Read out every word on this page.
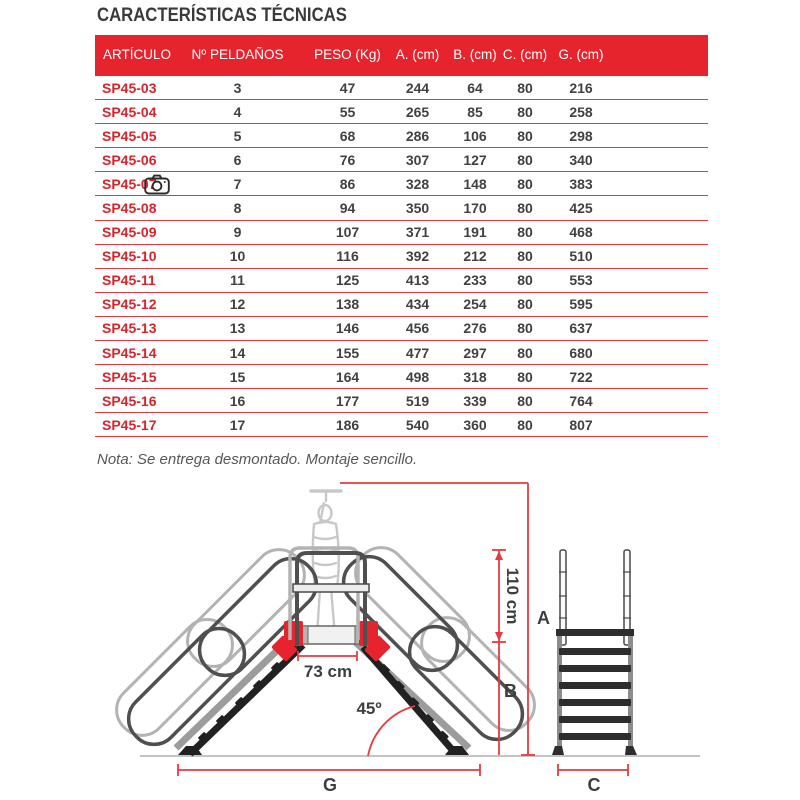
CARACTERÍSTICAS TÉCNICAS
ARTÍCULO	Nº PELDAÑOS	PESO (Kg)	A. (cm)	B. (cm)	C. (cm)	G. (cm)	
SP45-03	3	47	244	64	80	216	
SP45-04	4	55	265	85	80	258	
SP45-05	5	68	286	106	80	298	
SP45-06	6	76	307	127	80	340	
SP45-07	7	86	328	148	80	383	
SP45-08	8	94	350	170	80	425	
SP45-09	9	107	371	191	80	468	
SP45-10	10	116	392	212	80	510	
SP45-11	11	125	413	233	80	553	
SP45-12	12	138	434	254	80	595	
SP45-13	13	146	456	276	80	637	
SP45-14	14	155	477	297	80	680	
SP45-15	15	164	498	318	80	722	
SP45-16	16	177	519	339	80	764	
SP45-17	17	186	540	360	80	807	
Nota: Se entrega desmontado. Montaje sencillo.
73 cm
45º
110 cm A
B
G	C
